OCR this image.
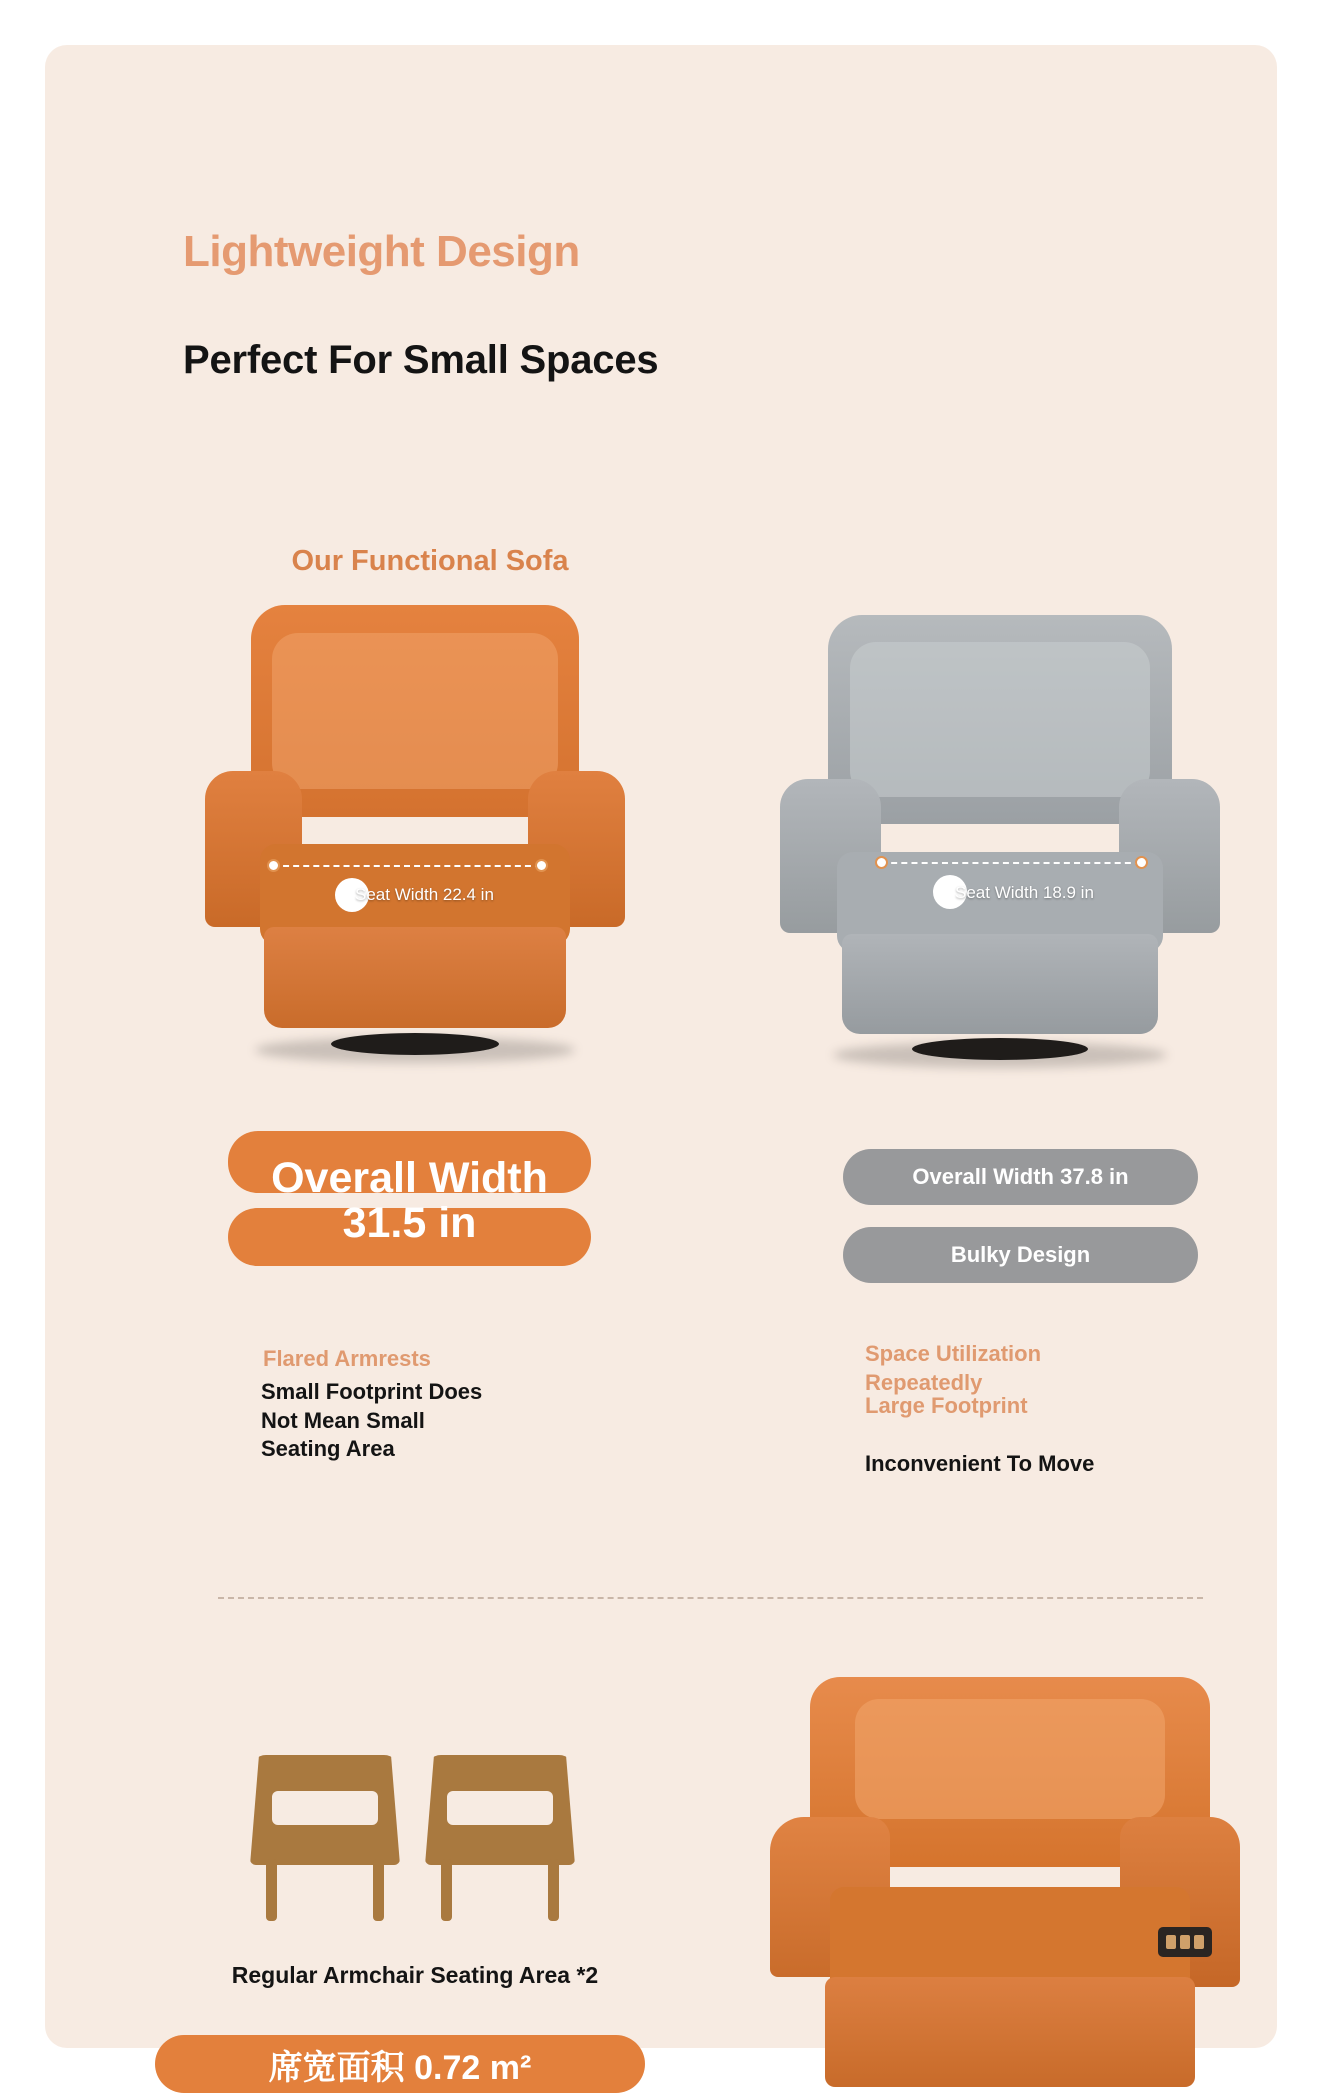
Lightweight Design
Perfect For Small Spaces
Our Functional Sofa
Seat Width 22.4 in
Overall Width 31.5 in
Flared Armrests
Small Footprint Does Not Mean Small Seating Area
Seat Width 18.9 in
Overall Width 37.8 in
Bulky Design
Space Utilization Repeatedly
Large Footprint
Inconvenient To Move
Regular Armchair Seating Area *2
席宽面积 0.72 m²
